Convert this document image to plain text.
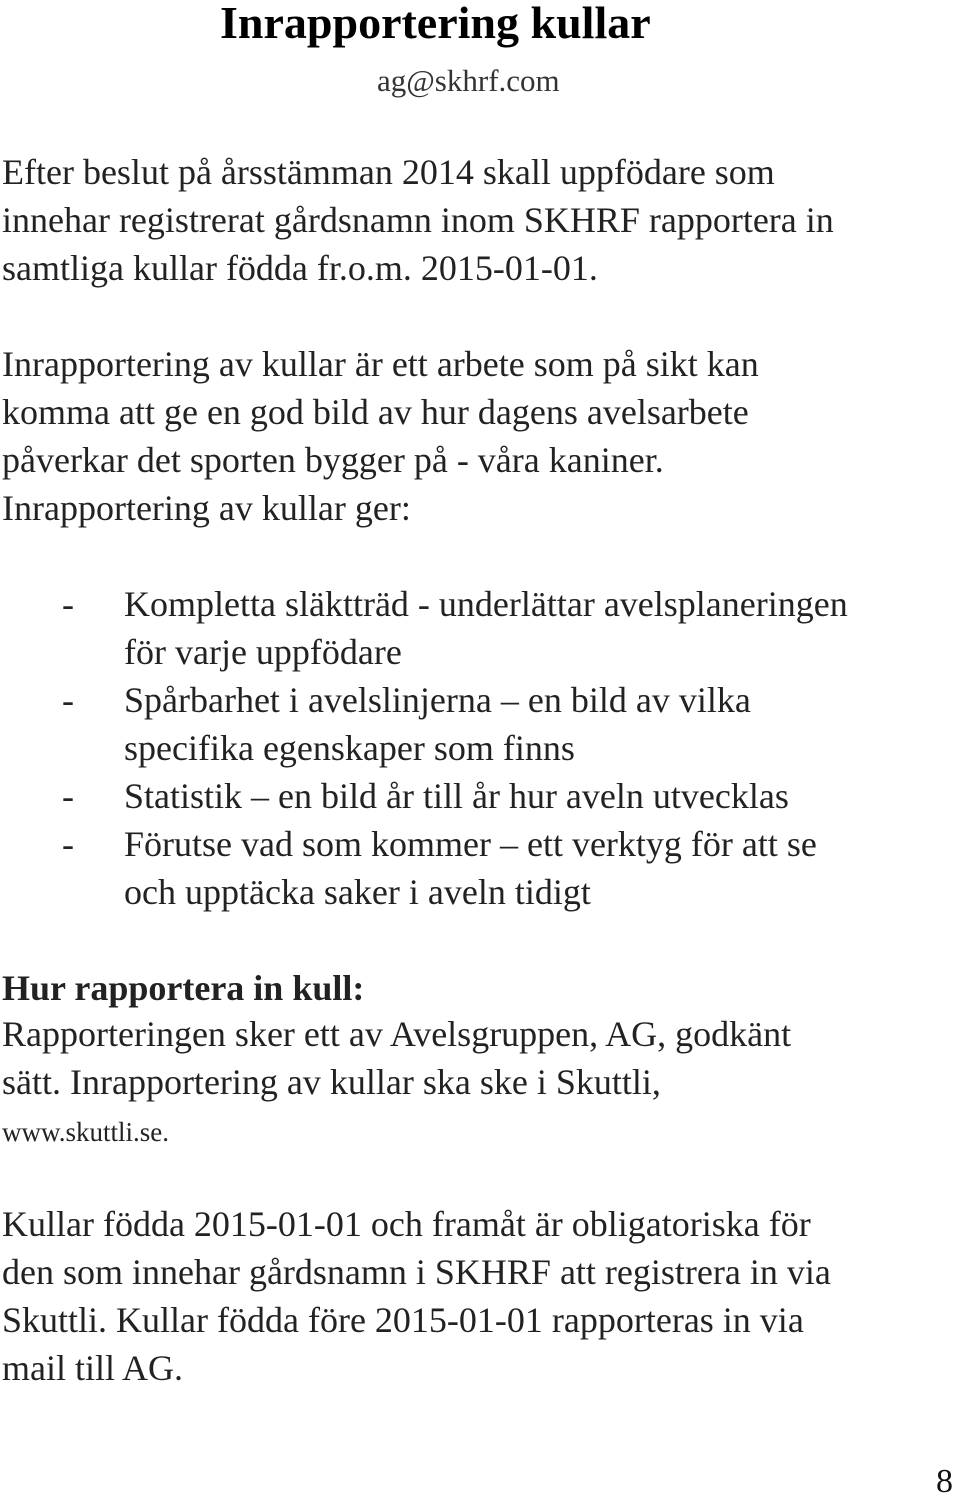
Inrapportering kullar
ag@skhrf.com
Efter beslut på årsstämman 2014 skall uppfödare som
innehar registrerat gårdsnamn inom SKHRF rapportera in
samtliga kullar födda fr.o.m. 2015-01-01.
Inrapportering av kullar är ett arbete som på sikt kan
komma att ge en god bild av hur dagens avelsarbete
påverkar det sporten bygger på - våra kaniner.
Inrapportering av kullar ger:
- Kompletta släktträd - underlättar avelsplaneringen
för varje uppfödare
- Spårbarhet i avelslinjerna – en bild av vilka
specifika egenskaper som finns
- Statistik – en bild år till år hur aveln utvecklas
- Förutse vad som kommer – ett verktyg för att se
och upptäcka saker i aveln tidigt
Hur rapportera in kull:
Rapporteringen sker ett av Avelsgruppen, AG, godkänt
sätt. Inrapportering av kullar ska ske i Skuttli,
www.skuttli.se.
Kullar födda 2015-01-01 och framåt är obligatoriska för
den som innehar gårdsnamn i SKHRF att registrera in via
Skuttli. Kullar födda före 2015-01-01 rapporteras in via
mail till AG.
8
